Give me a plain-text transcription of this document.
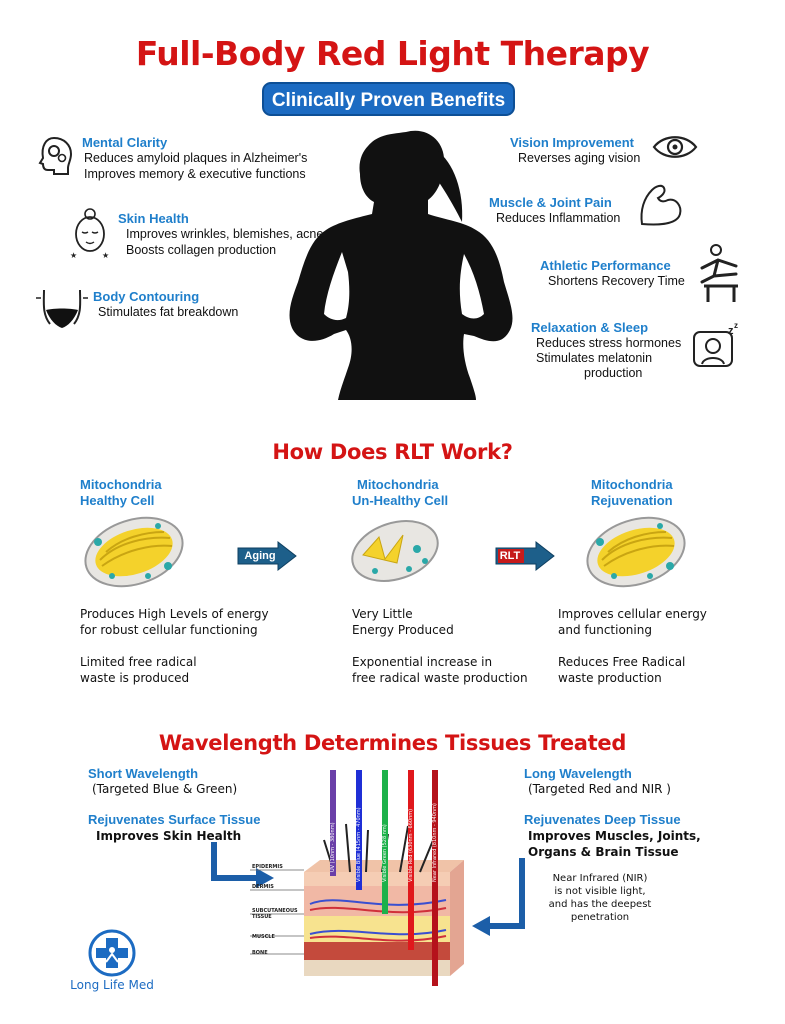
Full-Body Red Light Therapy
Clinically Proven Benefits
Mental Clarity
Reduces amyloid plaques in Alzheimer's
Improves memory & executive functions
★	★
Skin Health
Improves wrinkles, blemishes, acne
Boosts collagen production
Body Contouring
Stimulates fat breakdown
Vision Improvement
Reverses aging vision
Muscle & Joint Pain
Reduces Inflammation
Athletic Performance
Shortens Recovery Time
Relaxation & Sleep
Reduces stress hormones
Stimulates melatonin
production
z z
How Does RLT Work?
Mitochondria
Healthy Cell
Mitochondria
Un-Healthy Cell
Mitochondria
Rejuvenation
Aging	RLT
Produces High Levels of energy
for robust cellular functioning
Limited free radical
waste is produced
Very Little
Energy Produced
Exponential increase in
free radical waste production
Improves cellular energy
and functioning
Reduces Free Radical
waste production
Wavelength Determines Tissues Treated
Short Wavelength
(Targeted Blue & Green)
Rejuvenates Surface Tissue
Improves Skin Health
Long Wavelength
(Targeted Red and NIR )
Rejuvenates Deep Tissue
Improves Muscles, Joints,
Organs & Brain Tissue
Near Infrared (NIR)
is not visible light,
and has the deepest
penetration
EPIDERMIS
DERMIS
SUBCUTANEOUS TISSUE
MUSCLE
BONE
UV (10nm - 380nm)	Visible Blue (415nm - 470nm)	Visible Green (528 nm)	Visible Red (630nm - 660nm)	Near Infrared (810nm - 940nm)
Long Life Med
